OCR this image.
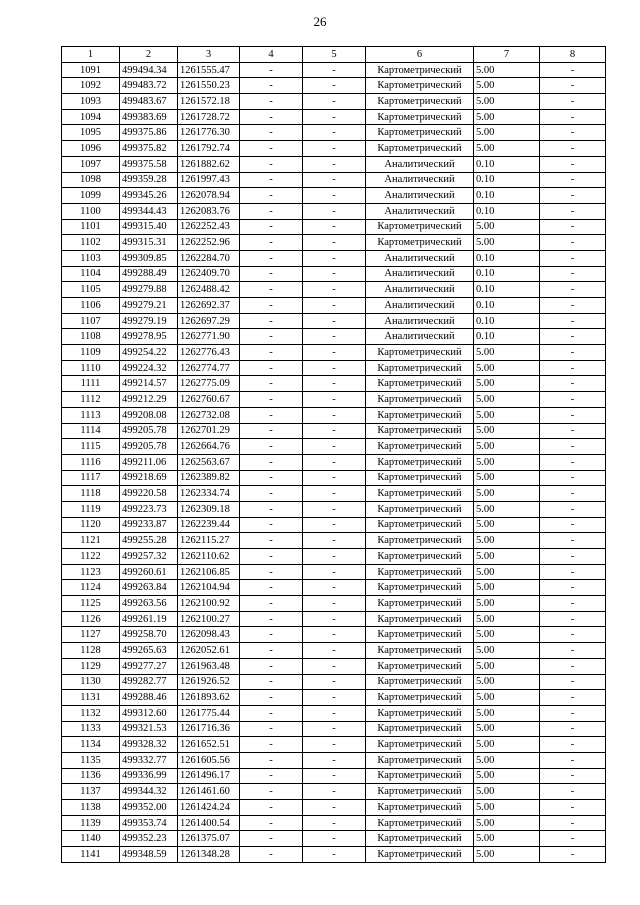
26
1	2	3	4	5	6	7	8
1091	499494.34	1261555.47	-	-	Картометрический	5.00	-
1092	499483.72	1261550.23	-	-	Картометрический	5.00	-
1093	499483.67	1261572.18	-	-	Картометрический	5.00	-
1094	499383.69	1261728.72	-	-	Картометрический	5.00	-
1095	499375.86	1261776.30	-	-	Картометрический	5.00	-
1096	499375.82	1261792.74	-	-	Картометрический	5.00	-
1097	499375.58	1261882.62	-	-	Аналитический	0.10	-
1098	499359.28	1261997.43	-	-	Аналитический	0.10	-
1099	499345.26	1262078.94	-	-	Аналитический	0.10	-
1100	499344.43	1262083.76	-	-	Аналитический	0.10	-
1101	499315.40	1262252.43	-	-	Картометрический	5.00	-
1102	499315.31	1262252.96	-	-	Картометрический	5.00	-
1103	499309.85	1262284.70	-	-	Аналитический	0.10	-
1104	499288.49	1262409.70	-	-	Аналитический	0.10	-
1105	499279.88	1262488.42	-	-	Аналитический	0.10	-
1106	499279.21	1262692.37	-	-	Аналитический	0.10	-
1107	499279.19	1262697.29	-	-	Аналитический	0.10	-
1108	499278.95	1262771.90	-	-	Аналитический	0.10	-
1109	499254.22	1262776.43	-	-	Картометрический	5.00	-
1110	499224.32	1262774.77	-	-	Картометрический	5.00	-
1111	499214.57	1262775.09	-	-	Картометрический	5.00	-
1112	499212.29	1262760.67	-	-	Картометрический	5.00	-
1113	499208.08	1262732.08	-	-	Картометрический	5.00	-
1114	499205.78	1262701.29	-	-	Картометрический	5.00	-
1115	499205.78	1262664.76	-	-	Картометрический	5.00	-
1116	499211.06	1262563.67	-	-	Картометрический	5.00	-
1117	499218.69	1262389.82	-	-	Картометрический	5.00	-
1118	499220.58	1262334.74	-	-	Картометрический	5.00	-
1119	499223.73	1262309.18	-	-	Картометрический	5.00	-
1120	499233.87	1262239.44	-	-	Картометрический	5.00	-
1121	499255.28	1262115.27	-	-	Картометрический	5.00	-
1122	499257.32	1262110.62	-	-	Картометрический	5.00	-
1123	499260.61	1262106.85	-	-	Картометрический	5.00	-
1124	499263.84	1262104.94	-	-	Картометрический	5.00	-
1125	499263.56	1262100.92	-	-	Картометрический	5.00	-
1126	499261.19	1262100.27	-	-	Картометрический	5.00	-
1127	499258.70	1262098.43	-	-	Картометрический	5.00	-
1128	499265.63	1262052.61	-	-	Картометрический	5.00	-
1129	499277.27	1261963.48	-	-	Картометрический	5.00	-
1130	499282.77	1261926.52	-	-	Картометрический	5.00	-
1131	499288.46	1261893.62	-	-	Картометрический	5.00	-
1132	499312.60	1261775.44	-	-	Картометрический	5.00	-
1133	499321.53	1261716.36	-	-	Картометрический	5.00	-
1134	499328.32	1261652.51	-	-	Картометрический	5.00	-
1135	499332.77	1261605.56	-	-	Картометрический	5.00	-
1136	499336.99	1261496.17	-	-	Картометрический	5.00	-
1137	499344.32	1261461.60	-	-	Картометрический	5.00	-
1138	499352.00	1261424.24	-	-	Картометрический	5.00	-
1139	499353.74	1261400.54	-	-	Картометрический	5.00	-
1140	499352.23	1261375.07	-	-	Картометрический	5.00	-
1141	499348.59	1261348.28	-	-	Картометрический	5.00	-
